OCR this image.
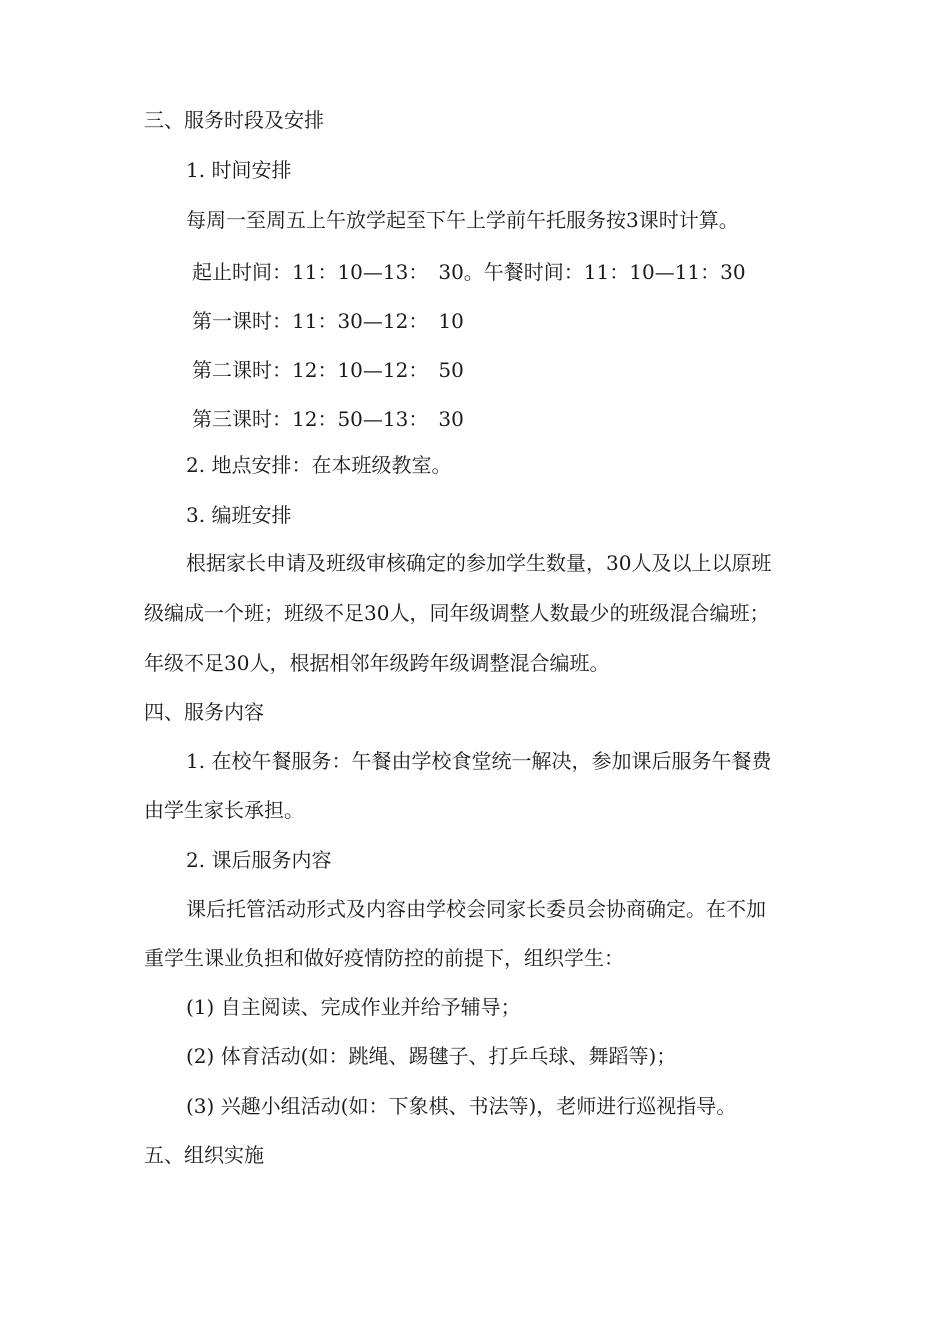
三、服务时段及安排
1. 时间安排
每周一至周五上午放学起至下午上学前午托服务按3课时计算。
起止时间：11：10—13：　30。午餐时间：11：10—11：30
第一课时：11：30—12：　10
第二课时：12：10—12：　50
第三课时：12：50—13：　30
2. 地点安排：在本班级教室。
3. 编班安排
根据家长申请及班级审核确定的参加学生数量，30人及以上以原班
级编成一个班；班级不足30人，同年级调整人数最少的班级混合编班；
年级不足30人，根据相邻年级跨年级调整混合编班。
四、服务内容
1. 在校午餐服务：午餐由学校食堂统一解决，参加课后服务午餐费
由学生家长承担。
2. 课后服务内容
课后托管活动形式及内容由学校会同家长委员会协商确定。在不加
重学生课业负担和做好疫情防控的前提下，组织学生：
(1) 自主阅读、完成作业并给予辅导；
(2) 体育活动(如：跳绳、踢毽子、打乒乓球、舞蹈等)；
(3) 兴趣小组活动(如：下象棋、书法等)，老师进行巡视指导。
五、组织实施
